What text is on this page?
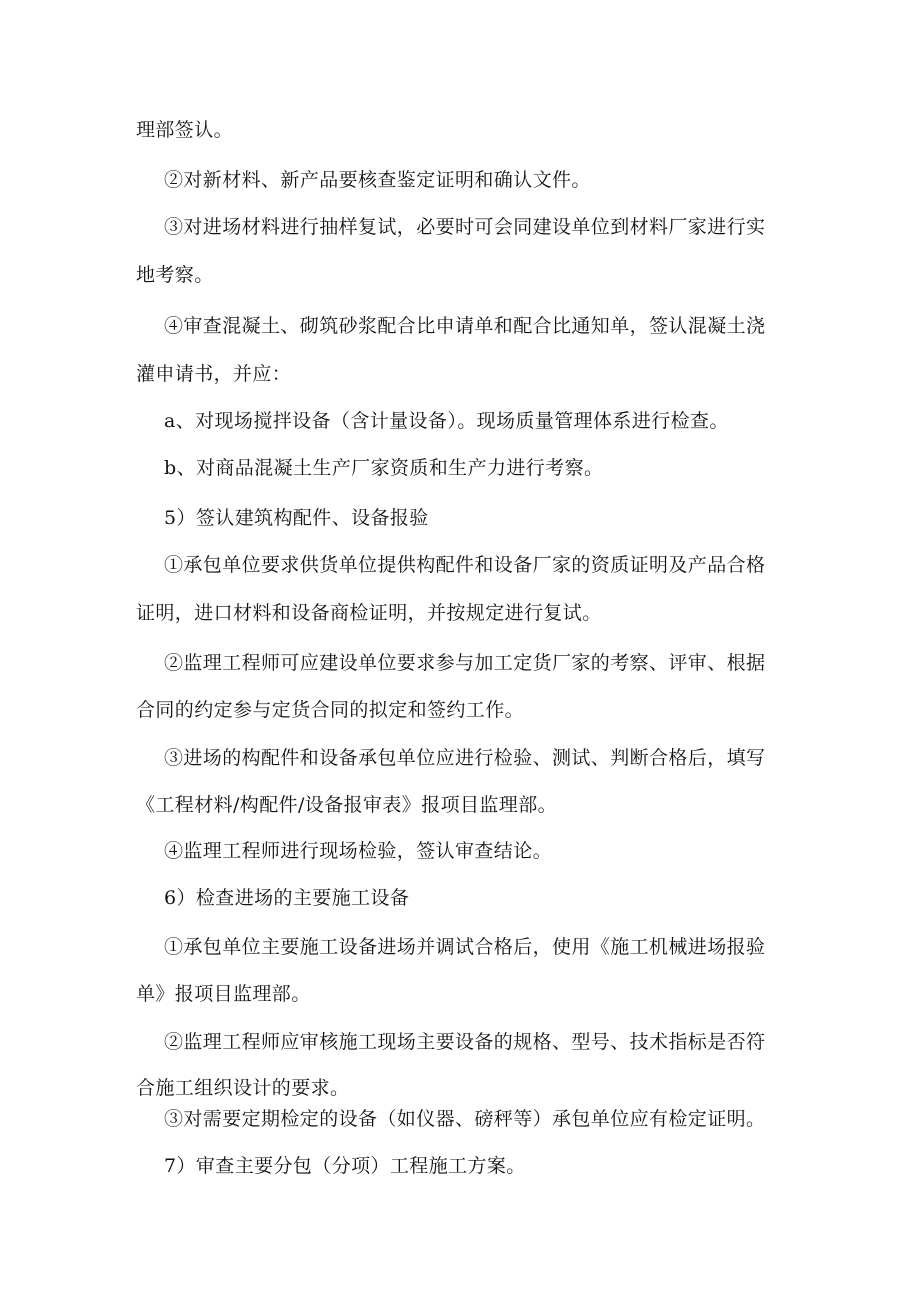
理部签认。
②对新材料、新产品要核查鉴定证明和确认文件。
③对进场材料进行抽样复试，必要时可会同建设单位到材料厂家进行实
地考察。
④审查混凝土、砌筑砂浆配合比申请单和配合比通知单，签认混凝土浇
灌申请书，并应：
a、对现场搅拌设备（含计量设备）。现场质量管理体系进行检查。
b、对商品混凝土生产厂家资质和生产力进行考察。
5）签认建筑构配件、设备报验
①承包单位要求供货单位提供构配件和设备厂家的资质证明及产品合格
证明，进口材料和设备商检证明，并按规定进行复试。
②监理工程师可应建设单位要求参与加工定货厂家的考察、评审、根据
合同的约定参与定货合同的拟定和签约工作。
③进场的构配件和设备承包单位应进行检验、测试、判断合格后，填写
《工程材料/构配件/设备报审表》报项目监理部。
④监理工程师进行现场检验，签认审查结论。
6）检查进场的主要施工设备
①承包单位主要施工设备进场并调试合格后，使用《施工机械进场报验
单》报项目监理部。
②监理工程师应审核施工现场主要设备的规格、型号、技术指标是否符
合施工组织设计的要求。
③对需要定期检定的设备（如仪器、磅秤等）承包单位应有检定证明。
7）审查主要分包（分项）工程施工方案。
